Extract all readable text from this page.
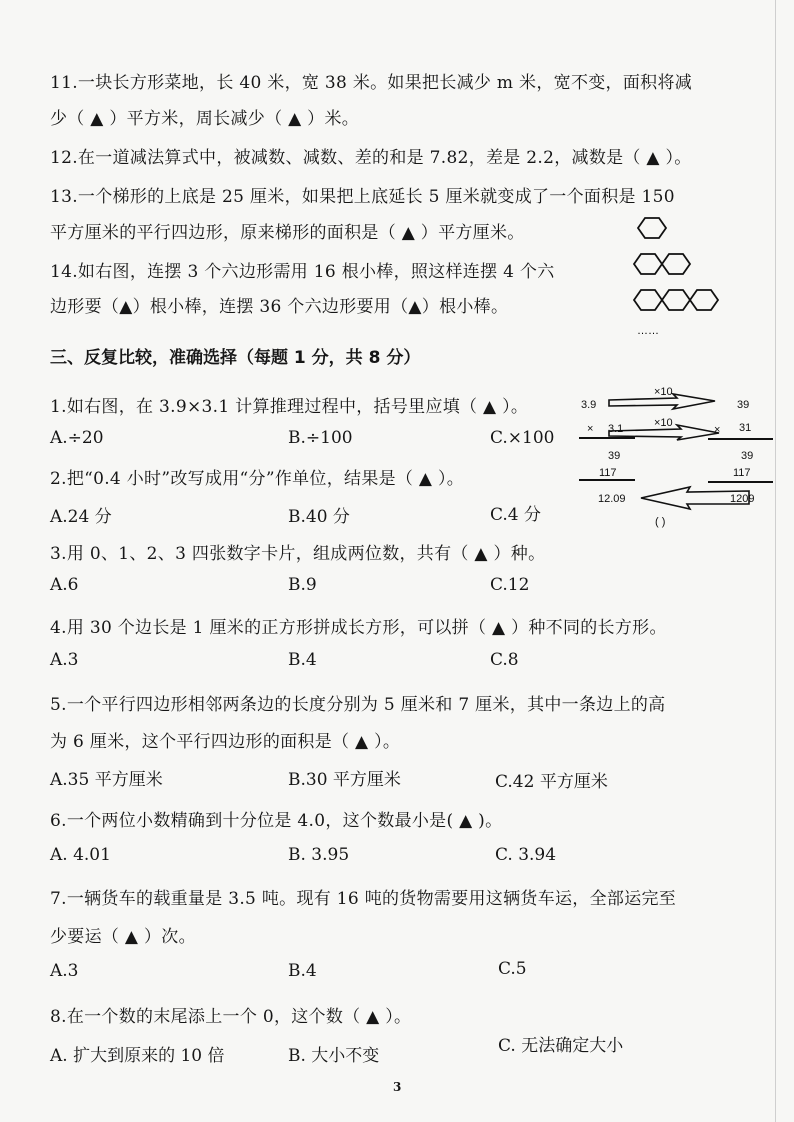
11.一块长方形菜地，长 40 米，宽 38 米。如果把长减少 m 米，宽不变，面积将减
少（ ▲ ）平方米，周长减少（ ▲ ）米。
12.在一道减法算式中，被减数、减数、差的和是 7.82，差是 2.2，减数是（ ▲ ）。
13.一个梯形的上底是 25 厘米，如果把上底延长 5 厘米就变成了一个面积是 150
平方厘米的平行四边形，原来梯形的面积是（ ▲ ）平方厘米。
14.如右图，连摆 3 个六边形需用 16 根小棒，照这样连摆 4 个六
边形要（▲）根小棒，连摆 36 个六边形要用（▲）根小棒。
……
三、反复比较，准确选择（每题 1 分，共 8 分）
1.如右图，在 3.9×3.1 计算推理过程中，括号里应填（ ▲ ）。
A.÷20	B.÷100	C.×100
3.9
×10
39
× 3.1	×10
× 31
39	39
117	117
12.09	1209
( )
2.把“0.4 小时”改写成用“分”作单位，结果是（ ▲ ）。
A.24 分	B.40 分	C.4 分
3.用 0、1、2、3 四张数字卡片，组成两位数，共有（ ▲ ）种。
A.6	B.9	C.12
4.用 30 个边长是 1 厘米的正方形拼成长方形，可以拼（ ▲ ）种不同的长方形。
A.3	B.4	C.8
5.一个平行四边形相邻两条边的长度分别为 5 厘米和 7 厘米，其中一条边上的高
为 6 厘米，这个平行四边形的面积是（ ▲ ）。
A.35 平方厘米	B.30 平方厘米	C.42 平方厘米
6.一个两位小数精确到十分位是 4.0，这个数最小是( ▲ )。
A. 4.01	B. 3.95	C. 3.94
7.一辆货车的载重量是 3.5 吨。现有 16 吨的货物需要用这辆货车运，全部运完至
少要运（ ▲ ）次。
A.3	B.4	C.5
8.在一个数的末尾添上一个 0，这个数（ ▲ ）。
A. 扩大到原来的 10 倍	B. 大小不变	C. 无法确定大小
3
